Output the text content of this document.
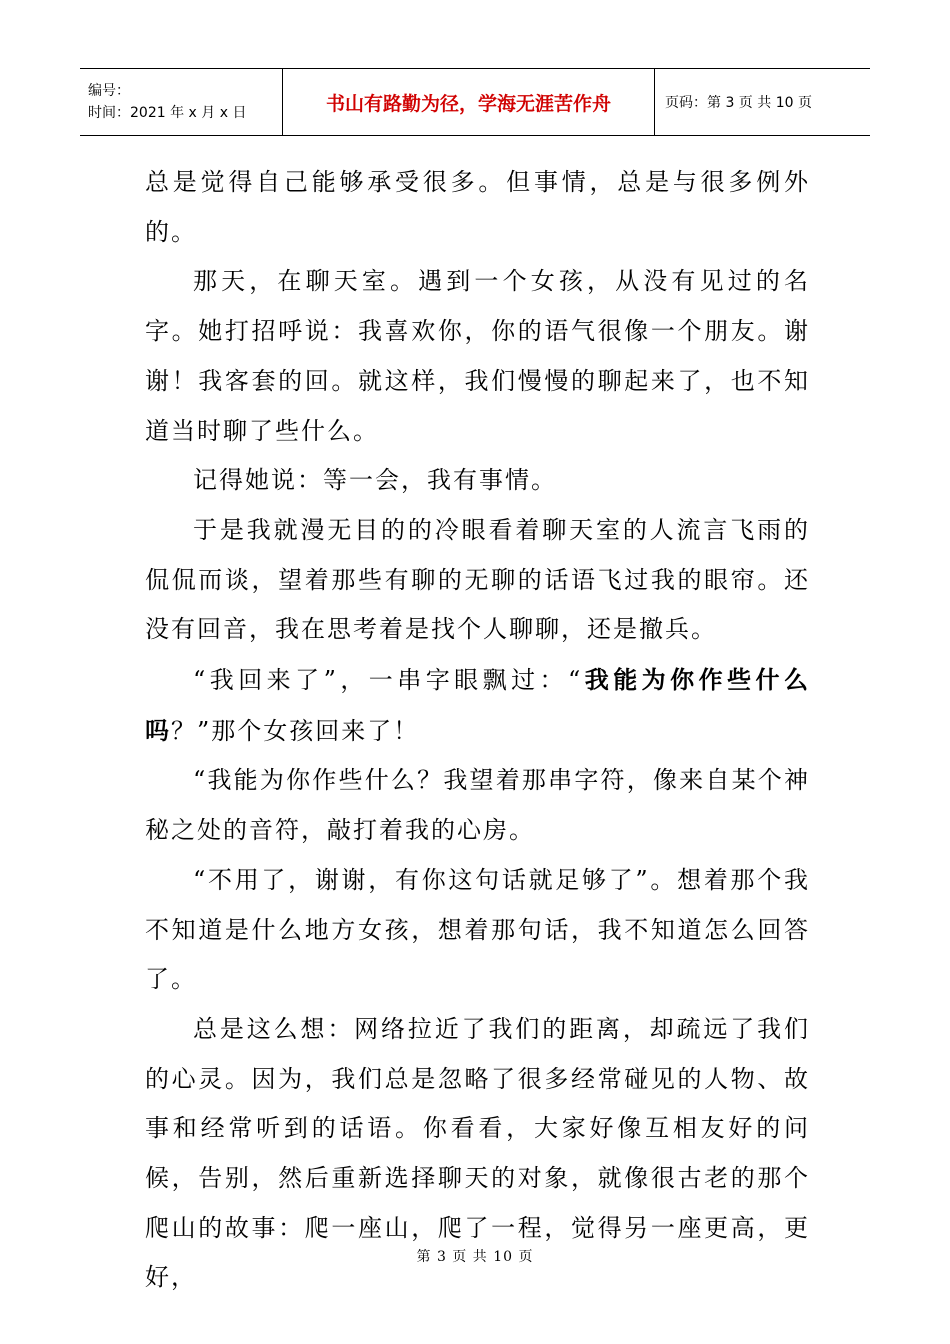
编号：
时间：2021 年 x 月 x 日	书山有路勤为径，学海无涯苦作舟	页码：第 3 页 共 10 页

总是觉得自己能够承受很多。但事情，总是与很多例外的。

那天，在聊天室。遇到一个女孩，从没有见过的名字。她打招呼说：我喜欢你，你的语气很像一个朋友。谢谢！我客套的回。就这样，我们慢慢的聊起来了，也不知道当时聊了些什么。

记得她说：等一会，我有事情。

于是我就漫无目的的冷眼看着聊天室的人流言飞雨的侃侃而谈，望着那些有聊的无聊的话语飞过我的眼帘。还没有回音，我在思考着是找个人聊聊，还是撤兵。

“我回来了”，一串字眼飘过：“我能为你作些什么吗？”那个女孩回来了！

“我能为你作些什么？我望着那串字符，像来自某个神秘之处的音符，敲打着我的心房。

“不用了，谢谢，有你这句话就足够了”。想着那个我不知道是什么地方女孩，想着那句话，我不知道怎么回答了。

总是这么想：网络拉近了我们的距离，却疏远了我们的心灵。因为，我们总是忽略了很多经常碰见的人物、故事和经常听到的话语。你看看，大家好像互相友好的问候，告别，然后重新选择聊天的对象，就像很古老的那个爬山的故事：爬一座山，爬了一程，觉得另一座更高，更好，

第 3 页 共 10 页
